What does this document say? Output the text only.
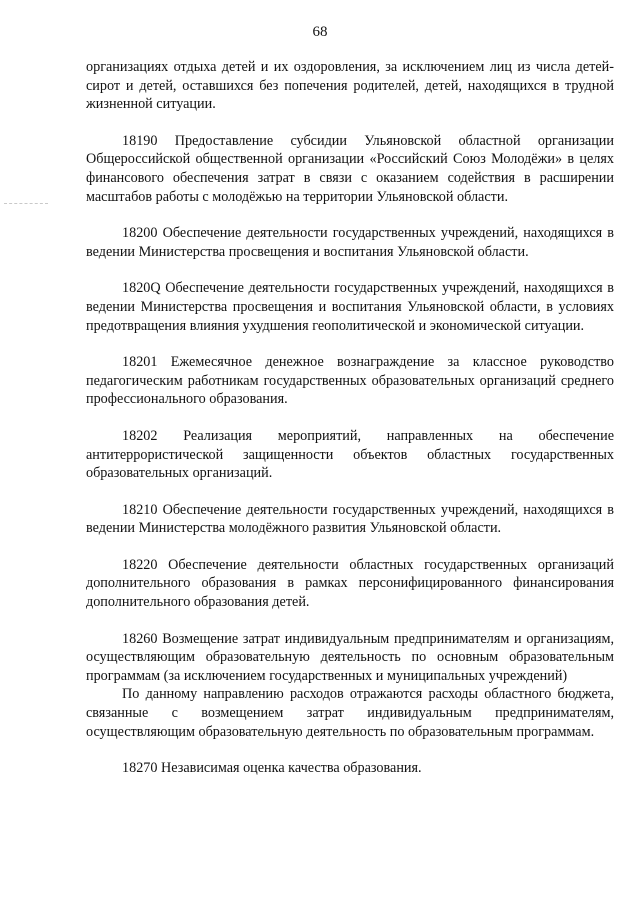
68

организациях отдыха детей и их оздоровления, за исключением лиц из числа детей-сирот и детей, оставшихся без попечения родителей, детей, находящихся в трудной жизненной ситуации.

18190 Предоставление субсидии Ульяновской областной организации Общероссийской общественной организации «Российский Союз Молодёжи» в целях финансового обеспечения затрат в связи с оказанием содействия в расширении масштабов работы с молодёжью на территории Ульяновской области.

18200 Обеспечение деятельности государственных учреждений, находящихся в ведении Министерства просвещения и воспитания Ульяновской области.

1820Q Обеспечение деятельности государственных учреждений, находящихся в ведении Министерства просвещения и воспитания Ульяновской области, в условиях предотвращения влияния ухудшения геополитической и экономической ситуации.

18201 Ежемесячное денежное вознаграждение за классное руководство педагогическим работникам государственных образовательных организаций среднего профессионального образования.

18202 Реализация мероприятий, направленных на обеспечение антитеррористической защищенности объектов областных государственных образовательных организаций.

18210 Обеспечение деятельности государственных учреждений, находящихся в ведении Министерства молодёжного развития Ульяновской области.

18220 Обеспечение деятельности областных государственных организаций дополнительного образования в рамках персонифицированного финансирования дополнительного образования детей.

18260 Возмещение затрат индивидуальным предпринимателям и организациям, осуществляющим образовательную деятельность по основным образовательным программам (за исключением государственных и муниципальных учреждений)

По данному направлению расходов отражаются расходы областного бюджета, связанные с возмещением затрат индивидуальным предпринимателям, осуществляющим образовательную деятельность по образовательным программам.

18270 Независимая оценка качества образования.
